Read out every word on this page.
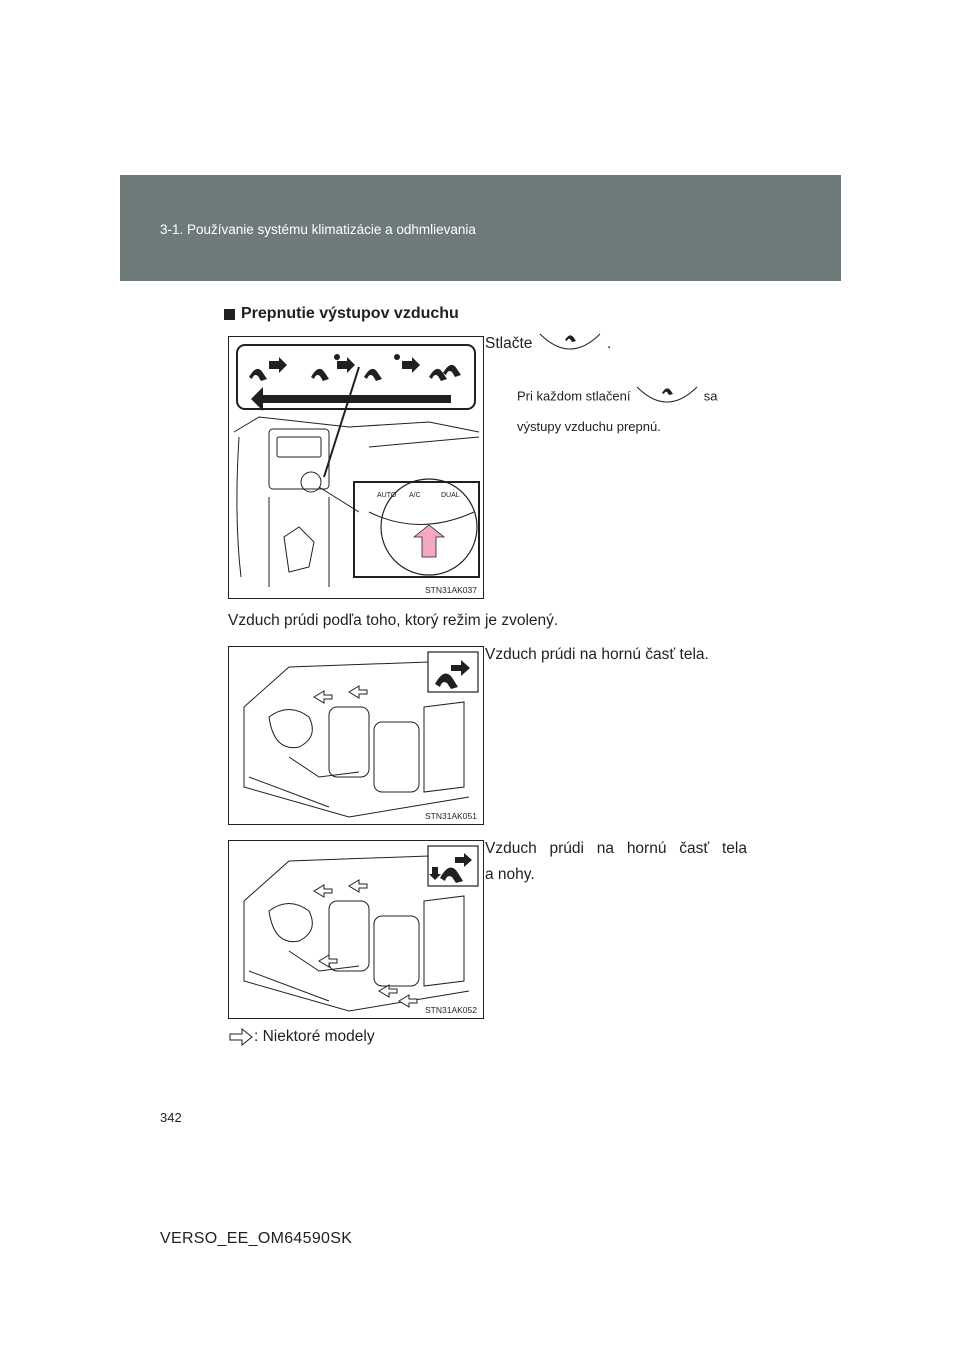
3-1. Používanie systému klimatizácie a odhmlievania
Prepnutie výstupov vzduchu
AUTO A/C	DUAL
STN31AK037
Stlačte	.
Pri každom stlačení	sa
výstupy vzduchu prepnú.
Vzduch prúdi podľa toho, ktorý režim je zvolený.
STN31AK051
Vzduch prúdi na hornú časť tela.
STN31AK052
Vzduch prúdi na hornú časť tela
a nohy.
: Niektoré modely
342
VERSO_EE_OM64590SK
